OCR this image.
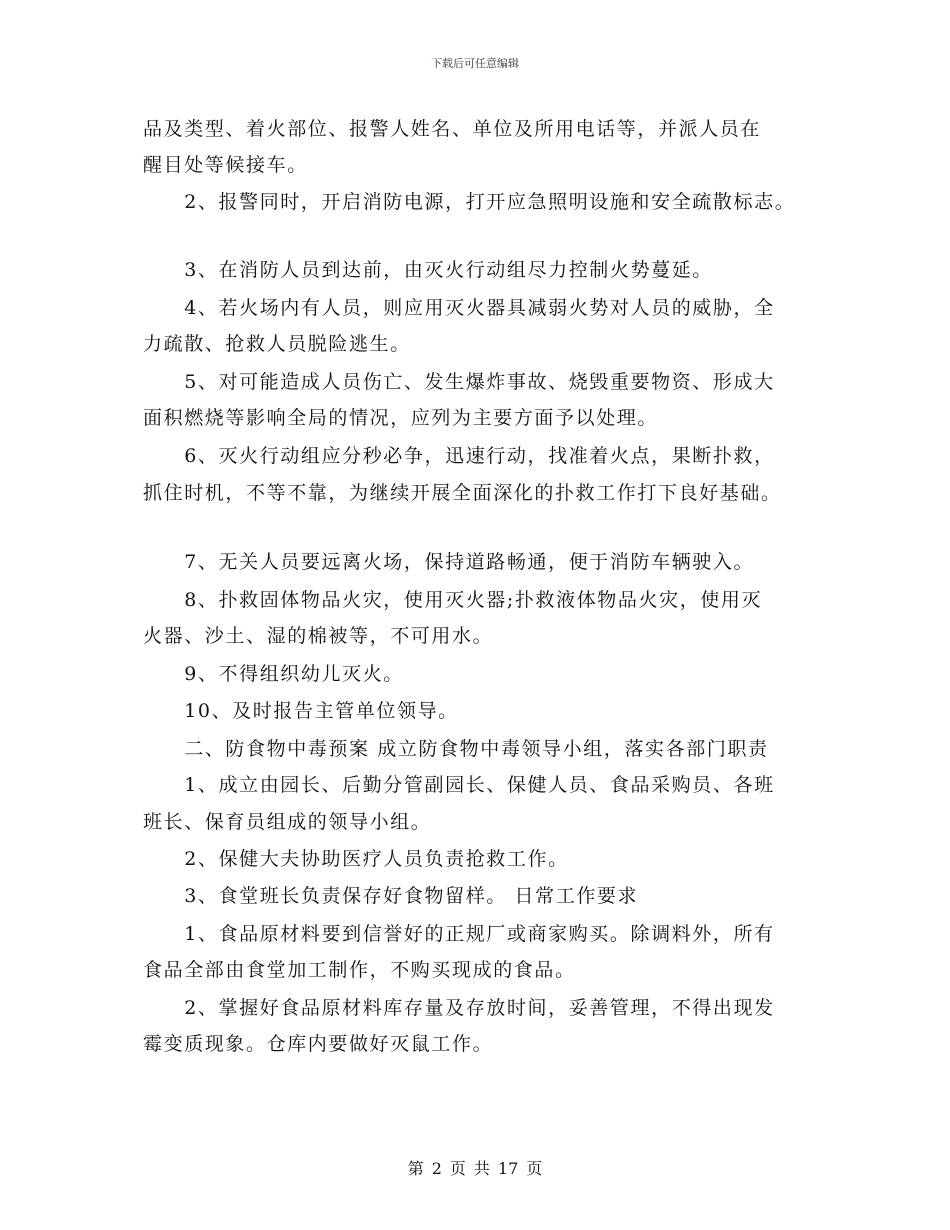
下载后可任意编辑
品及类型、着火部位、报警人姓名、单位及所用电话等，并派人员在
醒目处等候接车。
　　2、报警同时，开启消防电源，打开应急照明设施和安全疏散标志。
　　3、在消防人员到达前，由灭火行动组尽力控制火势蔓延。
　　4、若火场内有人员，则应用灭火器具减弱火势对人员的威胁，全
力疏散、抢救人员脱险逃生。
　　5、对可能造成人员伤亡、发生爆炸事故、烧毁重要物资、形成大
面积燃烧等影响全局的情况，应列为主要方面予以处理。
　　6、灭火行动组应分秒必争，迅速行动，找准着火点，果断扑救，
抓住时机，不等不靠，为继续开展全面深化的扑救工作打下良好基础。
　　7、无关人员要远离火场，保持道路畅通，便于消防车辆驶入。
　　8、扑救固体物品火灾，使用灭火器;扑救液体物品火灾，使用灭
火器、沙土、湿的棉被等，不可用水。
　　9、不得组织幼儿灭火。
　　10、及时报告主管单位领导。
　　二、防食物中毒预案 成立防食物中毒领导小组，落实各部门职责
　　1、成立由园长、后勤分管副园长、保健人员、食品采购员、各班
班长、保育员组成的领导小组。
　　2、保健大夫协助医疗人员负责抢救工作。
　　3、食堂班长负责保存好食物留样。 日常工作要求
　　1、食品原材料要到信誉好的正规厂或商家购买。除调料外，所有
食品全部由食堂加工制作，不购买现成的食品。
　　2、掌握好食品原材料库存量及存放时间，妥善管理，不得出现发
霉变质现象。仓库内要做好灭鼠工作。
第 2 页 共 17 页
